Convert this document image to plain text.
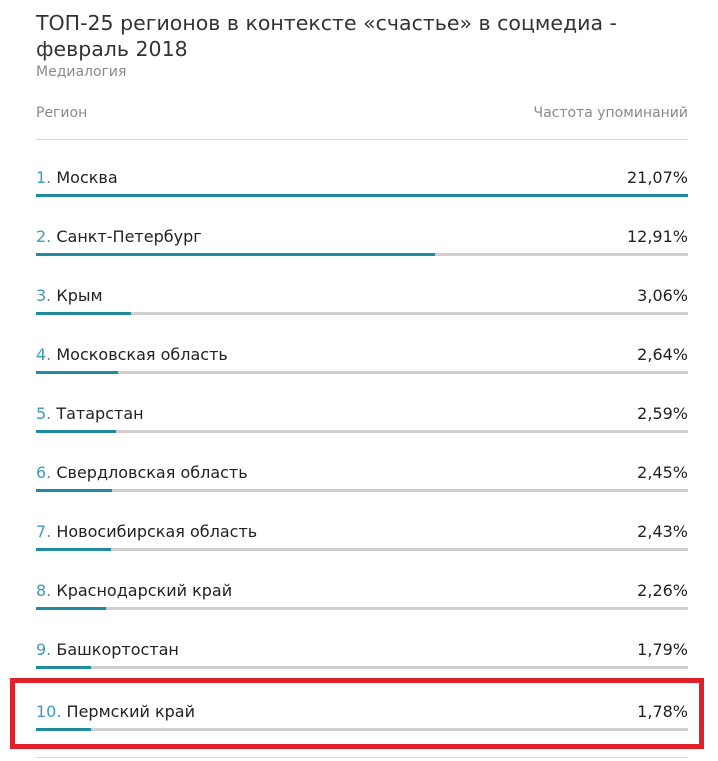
ТОП-25 регионов в контексте «счастье» в соцмедиа - февраль 2018
Медиалогия
Регион	Частота упоминаний
1. Москва	21,07%
2. Санкт-Петербург	12,91%
3. Крым	3,06%
4. Московская область	2,64%
5. Татарстан	2,59%
6. Свердловская область	2,45%
7. Новосибирская область	2,43%
8. Краснодарский край	2,26%
9. Башкортостан	1,79%
10. Пермский край	1,78%
